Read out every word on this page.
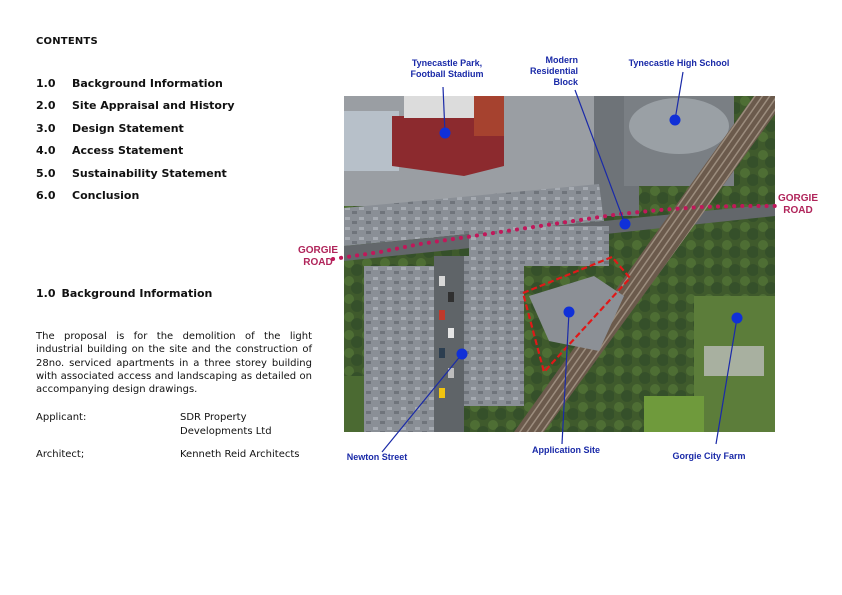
CONTENTS
1.0 Background Information
2.0 Site Appraisal and History
3.0 Design Statement
4.0 Access Statement
5.0 Sustainability Statement
6.0 Conclusion
1.0 Background Information
The proposal is for the demolition of the light industrial building on the site and the construction of 28no. serviced apartments in a three storey building with associated access and landscaping as detailed on accompanying design drawings.
Applicant:	SDR Property Developments Ltd
Architect;	Kenneth Reid Architects
Tynecastle Park, Football Stadium
Modern Residential Block
Tynecastle High School
GORGIE ROAD
GORGIE ROAD
Newton Street
Application Site
Gorgie City Farm
